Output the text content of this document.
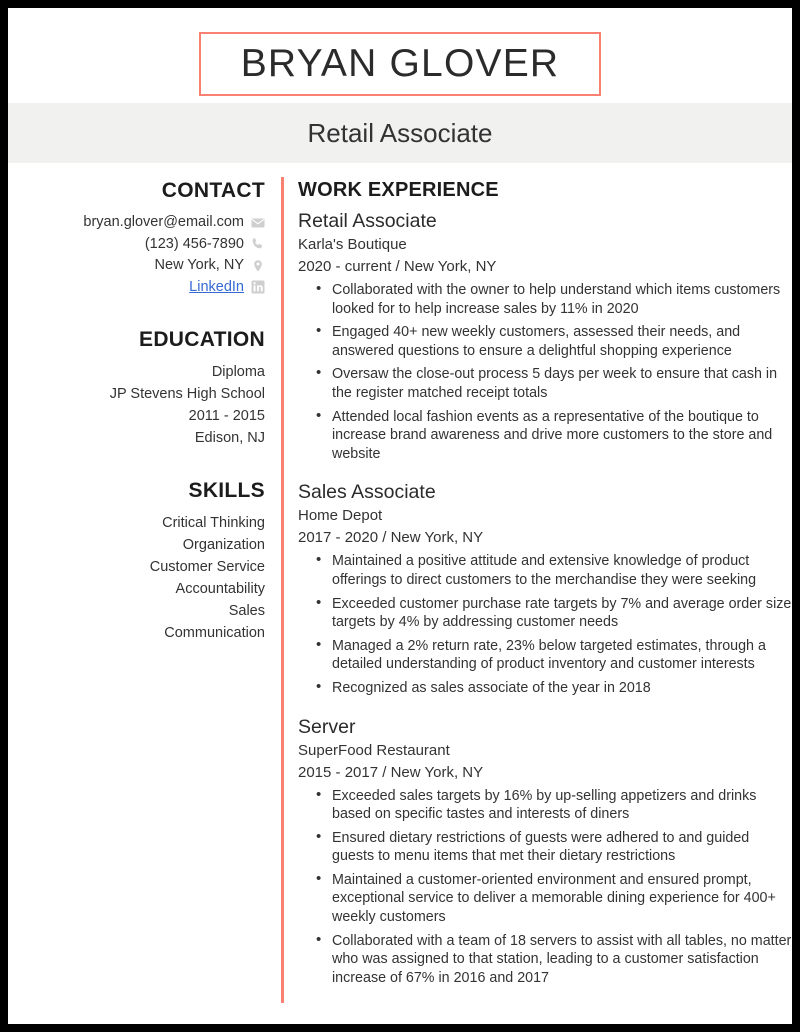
BRYAN GLOVER
Retail Associate
CONTACT
bryan.glover@email.com
(123) 456-7890
New York, NY
LinkedIn
EDUCATION
Diploma
JP Stevens High School
2011 - 2015
Edison, NJ
SKILLS
Critical Thinking
Organization
Customer Service
Accountability
Sales
Communication
WORK EXPERIENCE
Retail Associate
Karla's Boutique
2020 - current / New York, NY
• Collaborated with the owner to help understand which items customers looked for to help increase sales by 11% in 2020
• Engaged 40+ new weekly customers, assessed their needs, and answered questions to ensure a delightful shopping experience
• Oversaw the close-out process 5 days per week to ensure that cash in the register matched receipt totals
• Attended local fashion events as a representative of the boutique to increase brand awareness and drive more customers to the store and website
Sales Associate
Home Depot
2017 - 2020 / New York, NY
• Maintained a positive attitude and extensive knowledge of product offerings to direct customers to the merchandise they were seeking
• Exceeded customer purchase rate targets by 7% and average order size targets by 4% by addressing customer needs
• Managed a 2% return rate, 23% below targeted estimates, through a detailed understanding of product inventory and customer interests
• Recognized as sales associate of the year in 2018
Server
SuperFood Restaurant
2015 - 2017 / New York, NY
• Exceeded sales targets by 16% by up-selling appetizers and drinks based on specific tastes and interests of diners
• Ensured dietary restrictions of guests were adhered to and guided guests to menu items that met their dietary restrictions
• Maintained a customer-oriented environment and ensured prompt, exceptional service to deliver a memorable dining experience for 400+ weekly customers
• Collaborated with a team of 18 servers to assist with all tables, no matter who was assigned to that station, leading to a customer satisfaction increase of 67% in 2016 and 2017
